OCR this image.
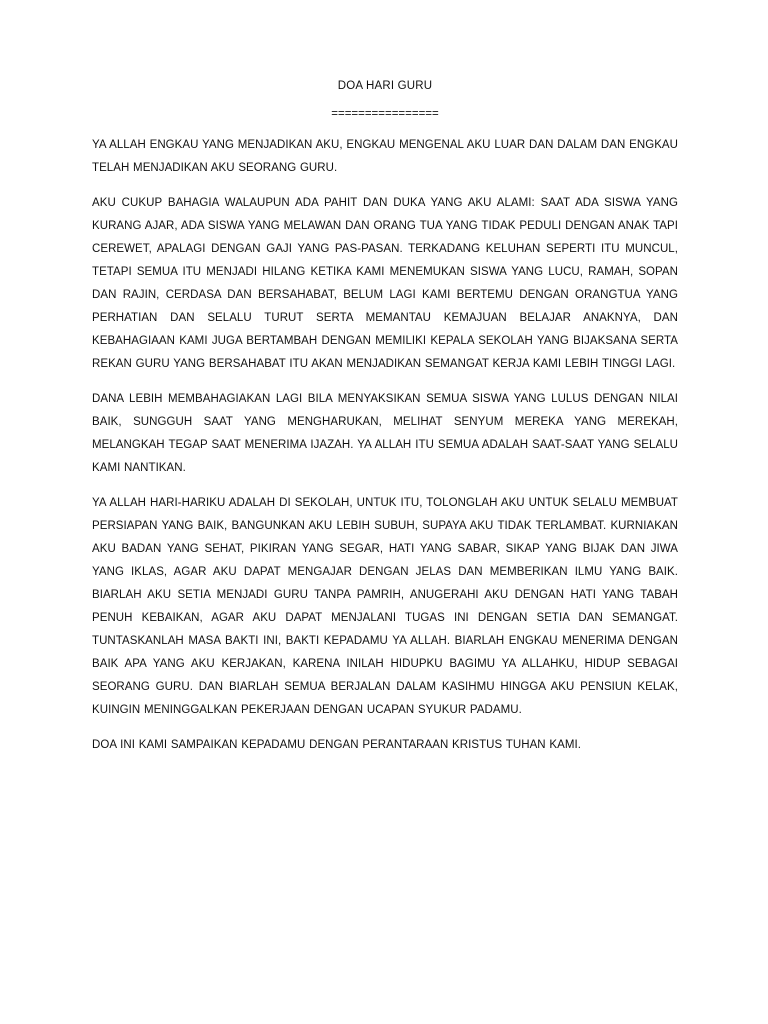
DOA HARI GURU
================

YA ALLAH ENGKAU YANG MENJADIKAN AKU, ENGKAU MENGENAL AKU LUAR DAN DALAM DAN ENGKAU TELAH MENJADIKAN AKU SEORANG GURU.

AKU CUKUP BAHAGIA WALAUPUN ADA PAHIT DAN DUKA YANG AKU ALAMI: SAAT ADA SISWA YANG KURANG AJAR, ADA SISWA YANG MELAWAN DAN ORANG TUA YANG TIDAK PEDULI DENGAN ANAK TAPI CEREWET, APALAGI DENGAN GAJI YANG PAS-PASAN. TERKADANG KELUHAN SEPERTI ITU MUNCUL, TETAPI SEMUA ITU MENJADI HILANG KETIKA KAMI MENEMUKAN SISWA YANG LUCU, RAMAH, SOPAN DAN RAJIN, CERDASA DAN BERSAHABAT, BELUM LAGI KAMI BERTEMU DENGAN ORANGTUA YANG PERHATIAN DAN SELALU TURUT SERTA MEMANTAU KEMAJUAN BELAJAR ANAKNYA, DAN KEBAHAGIAAN KAMI JUGA BERTAMBAH DENGAN MEMILIKI KEPALA SEKOLAH YANG BIJAKSANA SERTA REKAN GURU YANG BERSAHABAT ITU AKAN MENJADIKAN SEMANGAT KERJA KAMI LEBIH TINGGI LAGI.

DANA LEBIH MEMBAHAGIAKAN LAGI BILA MENYAKSIKAN SEMUA SISWA YANG LULUS DENGAN NILAI BAIK, SUNGGUH SAAT YANG MENGHARUKAN, MELIHAT SENYUM MEREKA YANG MEREKAH, MELANGKAH TEGAP SAAT MENERIMA IJAZAH. YA ALLAH ITU SEMUA ADALAH SAAT-SAAT YANG SELALU KAMI NANTIKAN.

YA ALLAH HARI-HARIKU ADALAH DI SEKOLAH, UNTUK ITU, TOLONGLAH AKU UNTUK SELALU MEMBUAT PERSIAPAN YANG BAIK, BANGUNKAN AKU LEBIH SUBUH, SUPAYA AKU TIDAK TERLAMBAT. KURNIAKAN AKU BADAN YANG SEHAT, PIKIRAN YANG SEGAR, HATI YANG SABAR, SIKAP YANG BIJAK DAN JIWA YANG IKLAS, AGAR AKU DAPAT MENGAJAR DENGAN JELAS DAN MEMBERIKAN ILMU YANG BAIK. BIARLAH AKU SETIA MENJADI GURU TANPA PAMRIH, ANUGERAHI AKU DENGAN HATI YANG TABAH PENUH KEBAIKAN, AGAR AKU DAPAT MENJALANI TUGAS INI DENGAN SETIA DAN SEMANGAT. TUNTASKANLAH MASA BAKTI INI, BAKTI KEPADAMU YA ALLAH. BIARLAH ENGKAU MENERIMA DENGAN BAIK APA YANG AKU KERJAKAN, KARENA INILAH HIDUPKU BAGIMU YA ALLAHKU, HIDUP SEBAGAI SEORANG GURU. DAN BIARLAH SEMUA BERJALAN DALAM KASIHMU HINGGA AKU PENSIUN KELAK, KUINGIN MENINGGALKAN PEKERJAAN DENGAN UCAPAN SYUKUR PADAMU.

DOA INI KAMI SAMPAIKAN KEPADAMU DENGAN PERANTARAAN KRISTUS TUHAN KAMI.
